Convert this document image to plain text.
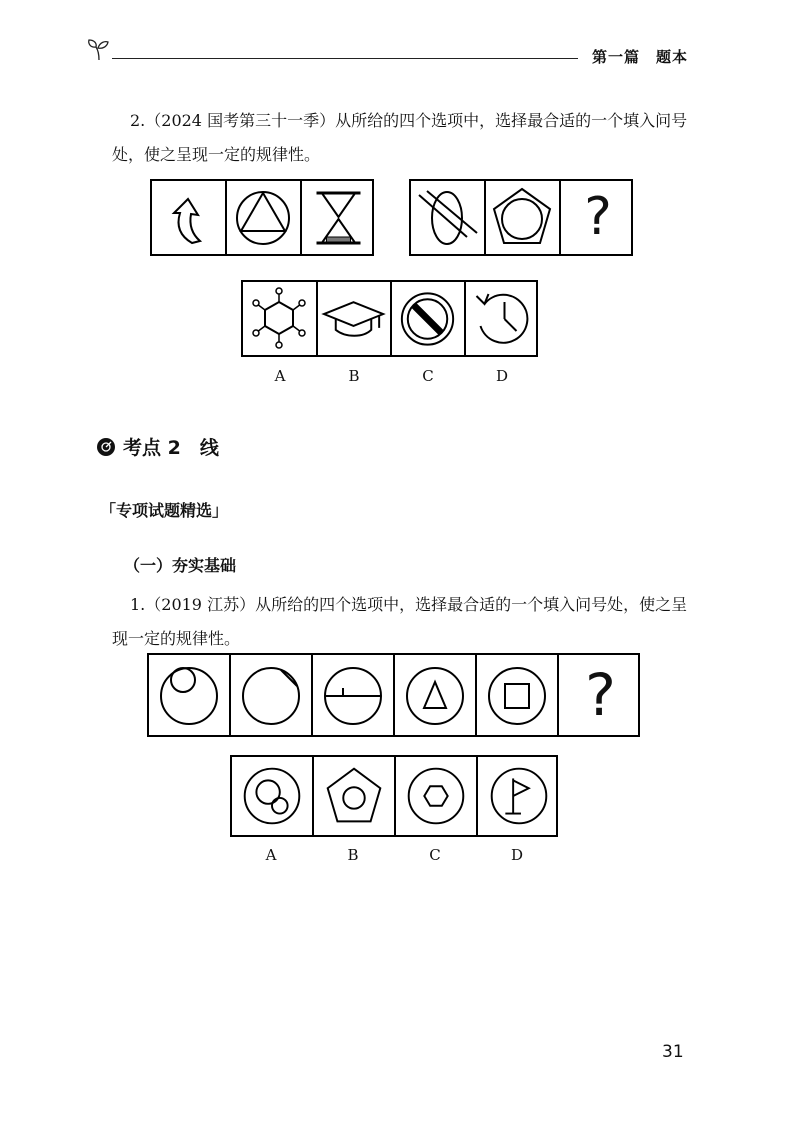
第一篇　题本
2.（2024 国考第三十一季）从所给的四个选项中，选择最合适的一个填入问号处，使之呈现一定的规律性。
?
A	B	C	D
考点 2　线
「专项试题精选」
（一）夯实基础
1.（2019 江苏）从所给的四个选项中，选择最合适的一个填入问号处，使之呈现一定的规律性。
?
A	B	C	D
31
